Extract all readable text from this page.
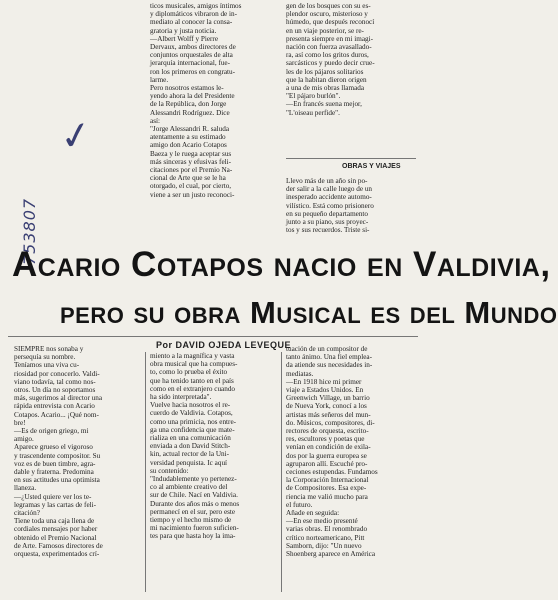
✓
753807
ticos musicales, amigos íntimos
y diplomáticos vibraron de in-
mediato al conocer la consa-
gratoria y justa noticia.
—Albert Wolff y Pierre
Dervaux, ambos directores de
conjuntos orquestales de alta
jerarquía internacional, fue-
ron los primeros en congratu-
larme.
Pero nosotros estamos le-
yendo ahora la del Presidente
de la República, don Jorge
Alessandri Rodríguez. Dice
así:
"Jorge Alessandri R. saluda
atentamente a su estimado
amigo don Acario Cotapos
Baeza y le ruega aceptar sus
más sinceras y efusivas feli-
citaciones por el Premio Na-
cional de Arte que se le ha
otorgado, el cual, por cierto,
viene a ser un justo reconoci-
gen de los bosques con su es-
plendor oscuro, misterioso y
húmedo, que después reconocí
en un viaje posterior, se re-
presenta siempre en mi imagi-
nación con fuerza avasallado-
ra, así como los gritos duros,
sarcásticos y puedo decir crue-
les de los pájaros solitarios
que la habitan dieron origen
a una de mis obras llamada
"El pájaro burlón".
—En francés suena mejor,
"L'oiseau perfide".
OBRAS Y VIAJES
Llevo más de un año sin po-
der salir a la calle luego de un
inesperado accidente automo-
vilístico. Está como prisionero
en su pequeño departamento
junto a su piano, sus proyec-
tos y sus recuerdos. Triste si-
Acario Cotapos nacio en Valdivia,
pero su obra Musical es del Mundo
Por DAVID OJEDA LEVEQUE
SIEMPRE nos sonaba y
persequía su nombre.
Teníamos una viva cu-
riosidad por conocerlo. Valdi-
viano todavía, tal como nos-
otros. Un día no soportamos
más, sugerimos al director una
rápida entrevista con Acario
Cotapos. Acario... ¡Qué nom-
bre!
—Es de origen griego, mi
amigo.
Aparece grueso el vigoroso
y trascendente compositor. Su
voz es de buen timbre, agra-
dable y fraterna. Predomina
en sus actitudes una optimista
llaneza.
—¿Usted quiere ver los te-
legramas y las cartas de feli-
citación?
Tiene toda una caja llena de
cordiales mensajes por haber
obtenido el Premio Nacional
de Arte. Famosos directores de
orquesta, experimentados crí-
miento a la magnífica y vasta
obra musical que ha compues-
to, como lo prueba el éxito
que ha tenido tanto en el país
como en el extranjero cuando
ha sido interpretada".
Vuelve hacia nosotros el re-
cuerdo de Valdivia. Cotapos,
como una primicia, nos entre-
ga una confidencia que mate-
rializa en una comunicación
enviada a don David Stitch-
kin, actual rector de la Uni-
versidad penquista. Ic aquí
su contenido:
"Indudablemente yo pertenez-
co al ambiente creativo del
sur de Chile. Nací en Valdivia.
Durante dos años más o menos
permanecí en el sur, pero este
tiempo y el hecho mismo de
mi nacimiento fueron suficien-
tes para que hasta hoy la ima-
tuación de un compositor de
tanto ánimo. Una fiel emplea-
da atiende sus necesidades in-
mediatas.
—En 1918 hice mi primer
viaje a Estados Unidos. En
Greenwich Village, un barrio
de Nueva York, conocí a los
artistas más señeros del mun-
do. Músicos, compositores, di-
rectores de orquesta, escrito-
res, escultores y poetas que
venían en condición de exila-
dos por la guerra europea se
agruparon allí. Escuché pro-
ceciones estupendas. Fundamos
la Corporación Internacional
de Compositores. Esa expe-
riencia me valió mucho para
el futuro.
Añade en seguida:
—En ese medio presenté
varias obras. El renombrado
crítico norteamericano, Pitt
Samborn, dijo: "Un nuevo
Shoenberg aparece en América
